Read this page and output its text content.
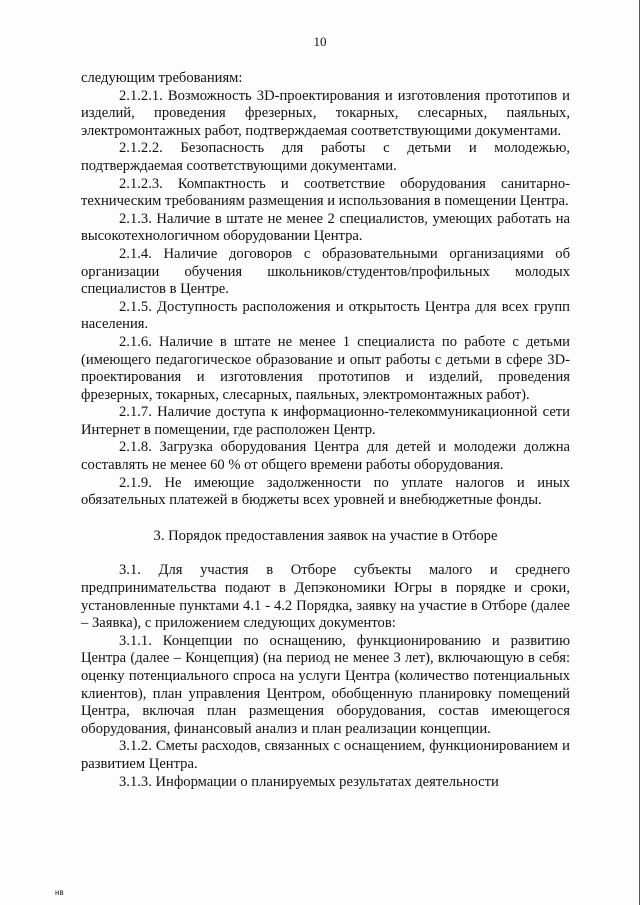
10

следующим требованиям:

2.1.2.1. Возможность 3D-проектирования и изготовления прототипов и изделий, проведения фрезерных, токарных, слесарных, паяльных, электромонтажных работ, подтверждаемая соответствующими документами.

2.1.2.2. Безопасность для работы с детьми и молодежью, подтверждаемая соответствующими документами.

2.1.2.3. Компактность и соответствие оборудования санитарно-техническим требованиям размещения и использования в помещении Центра.

2.1.3. Наличие в штате не менее 2 специалистов, умеющих работать на высокотехнологичном оборудовании Центра.

2.1.4. Наличие договоров с образовательными организациями об организации обучения школьников/студентов/профильных молодых специалистов в Центре.

2.1.5. Доступность расположения и открытость Центра для всех групп населения.

2.1.6. Наличие в штате не менее 1 специалиста по работе с детьми (имеющего педагогическое образование и опыт работы с детьми в сфере 3D-проектирования и изготовления прототипов и изделий, проведения фрезерных, токарных, слесарных, паяльных, электромонтажных работ).

2.1.7. Наличие доступа к информационно-телекоммуникационной сети Интернет в помещении, где расположен Центр.

2.1.8. Загрузка оборудования Центра для детей и молодежи должна составлять не менее 60 % от общего времени работы оборудования.

2.1.9. Не имеющие задолженности по уплате налогов и иных обязательных платежей в бюджеты всех уровней и внебюджетные фонды.

3. Порядок предоставления заявок на участие в Отборе

3.1. Для участия в Отборе субъекты малого и среднего предпринимательства подают в Депэкономики Югры в порядке и сроки, установленные пунктами 4.1 - 4.2 Порядка, заявку на участие в Отборе (далее – Заявка), с приложением следующих документов:

3.1.1. Концепции по оснащению, функционированию и развитию Центра (далее – Концепция) (на период не менее 3 лет), включающую в себя: оценку потенциального спроса на услуги Центра (количество потенциальных клиентов), план управления Центром, обобщенную планировку помещений Центра, включая план размещения оборудования, состав имеющегося оборудования, финансовый анализ и план реализации концепции.

3.1.2. Сметы расходов, связанных с оснащением, функционированием и развитием Центра.

3.1.3. Информации о планируемых результатах деятельности

нв
